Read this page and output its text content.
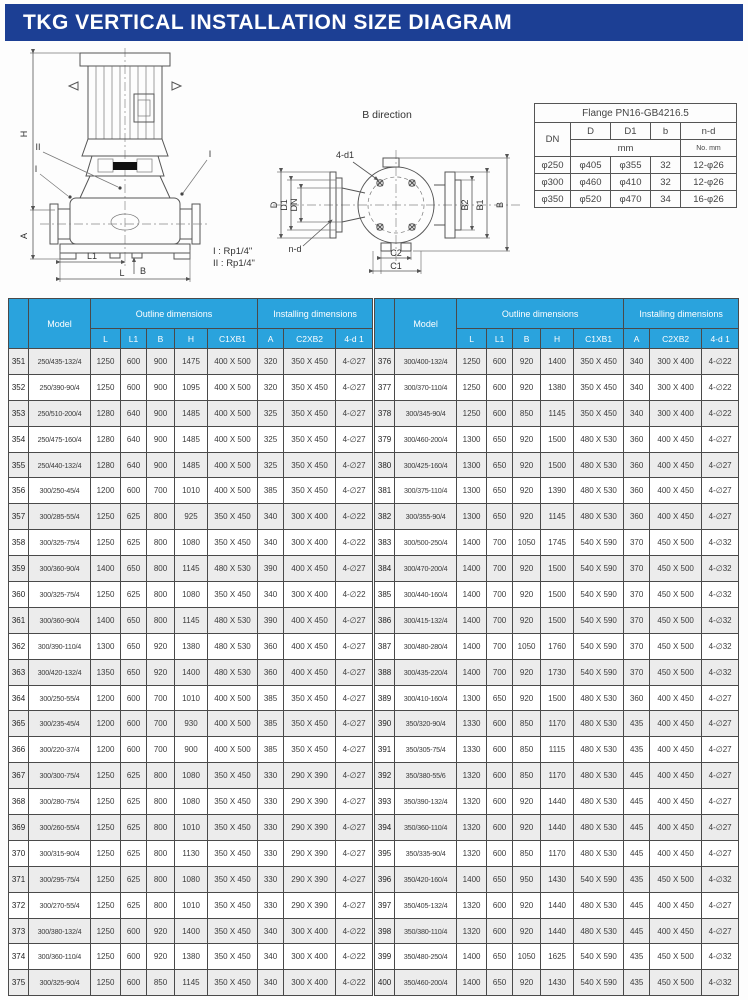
TKG VERTICAL INSTALLATION SIZE DIAGRAM
H
A
L1
L B
II
I
I
B direction
D D1 DN	B2 B1 B
C2
C1
4-d1
n-d
I : Rp1/4"
II : Rp1/4"
Flange PN16-GB4216.5				
DN	D	D1	b	n-d
	mm			No. mm
φ250	φ405	φ355	32	12-φ26
φ300	φ460	φ410	32	12-φ26
φ350	φ520	φ470	34	16-φ26
	Model	Outline dimensions					Installing dimensions		
		L	L1	B	H	C1XB1	A	C2XB2	4-d 1
351	250/435-132/4	1250	600	900	1475	400 X 500	320	350 X 450	4-∅27
352	250/390-90/4	1250	600	900	1095	400 X 500	320	350 X 450	4-∅27
353	250/510-200/4	1280	640	900	1485	400 X 500	325	350 X 450	4-∅27
354	250/475-160/4	1280	640	900	1485	400 X 500	325	350 X 450	4-∅27
355	250/440-132/4	1280	640	900	1485	400 X 500	325	350 X 450	4-∅27
356	300/250-45/4	1200	600	700	1010	400 X 500	385	350 X 450	4-∅27
357	300/285-55/4	1250	625	800	925	350 X 450	340	300 X 400	4-∅22
358	300/325-75/4	1250	625	800	1080	350 X 450	340	300 X 400	4-∅22
359	300/360-90/4	1400	650	800	1145	480 X 530	390	400 X 450	4-∅27
360	300/325-75/4	1250	625	800	1080	350 X 450	340	300 X 400	4-∅22
361	300/360-90/4	1400	650	800	1145	480 X 530	390	400 X 450	4-∅27
362	300/390-110/4	1300	650	920	1380	480 X 530	360	400 X 450	4-∅27
363	300/420-132/4	1350	650	920	1400	480 X 530	360	400 X 450	4-∅27
364	300/250-55/4	1200	600	700	1010	400 X 500	385	350 X 450	4-∅27
365	300/235-45/4	1200	600	700	930	400 X 500	385	350 X 450	4-∅27
366	300/220-37/4	1200	600	700	900	400 X 500	385	350 X 450	4-∅27
367	300/300-75/4	1250	625	800	1080	350 X 450	330	290 X 390	4-∅27
368	300/280-75/4	1250	625	800	1080	350 X 450	330	290 X 390	4-∅27
369	300/260-55/4	1250	625	800	1010	350 X 450	330	290 X 390	4-∅27
370	300/315-90/4	1250	625	800	1130	350 X 450	330	290 X 390	4-∅27
371	300/295-75/4	1250	625	800	1080	350 X 450	330	290 X 390	4-∅27
372	300/270-55/4	1250	625	800	1010	350 X 450	330	290 X 390	4-∅27
373	300/380-132/4	1250	600	920	1400	350 X 450	340	300 X 400	4-∅22
374	300/360-110/4	1250	600	920	1380	350 X 450	340	300 X 400	4-∅22
375	300/325-90/4	1250	600	850	1145	350 X 450	340	300 X 400	4-∅22
	Model	Outline dimensions					Installing dimensions		
		L	L1	B	H	C1XB1	A	C2XB2	4-d 1
376	300/400-132/4	1250	600	920	1400	350 X 450	340	300 X 400	4-∅22
377	300/370-110/4	1250	600	920	1380	350 X 450	340	300 X 400	4-∅22
378	300/345-90/4	1250	600	850	1145	350 X 450	340	300 X 400	4-∅22
379	300/460-200/4	1300	650	920	1500	480 X 530	360	400 X 450	4-∅27
380	300/425-160/4	1300	650	920	1500	480 X 530	360	400 X 450	4-∅27
381	300/375-110/4	1300	650	920	1390	480 X 530	360	400 X 450	4-∅27
382	300/355-90/4	1300	650	920	1145	480 X 530	360	400 X 450	4-∅27
383	300/500-250/4	1400	700	1050	1745	540 X 590	370	450 X 500	4-∅32
384	300/470-200/4	1400	700	920	1500	540 X 590	370	450 X 500	4-∅32
385	300/440-160/4	1400	700	920	1500	540 X 590	370	450 X 500	4-∅32
386	300/415-132/4	1400	700	920	1500	540 X 590	370	450 X 500	4-∅32
387	300/480-280/4	1400	700	1050	1760	540 X 590	370	450 X 500	4-∅32
388	300/435-220/4	1400	700	920	1730	540 X 590	370	450 X 500	4-∅32
389	300/410-160/4	1300	650	920	1500	480 X 530	360	400 X 450	4-∅27
390	350/320-90/4	1330	600	850	1170	480 X 530	435	400 X 450	4-∅27
391	350/305-75/4	1330	600	850	1115	480 X 530	435	400 X 450	4-∅27
392	350/380-55/6	1320	600	850	1170	480 X 530	445	400 X 450	4-∅27
393	350/390-132/4	1320	600	920	1440	480 X 530	445	400 X 450	4-∅27
394	350/360-110/4	1320	600	920	1440	480 X 530	445	400 X 450	4-∅27
395	350/335-90/4	1320	600	850	1170	480 X 530	445	400 X 450	4-∅27
396	350/420-160/4	1400	650	950	1430	540 X 590	435	450 X 500	4-∅32
397	350/405-132/4	1320	600	920	1440	480 X 530	445	400 X 450	4-∅27
398	350/380-110/4	1320	600	920	1440	480 X 530	445	400 X 450	4-∅27
399	350/480-250/4	1400	650	1050	1625	540 X 590	435	450 X 500	4-∅32
400	350/460-200/4	1400	650	920	1430	540 X 590	435	450 X 500	4-∅32
